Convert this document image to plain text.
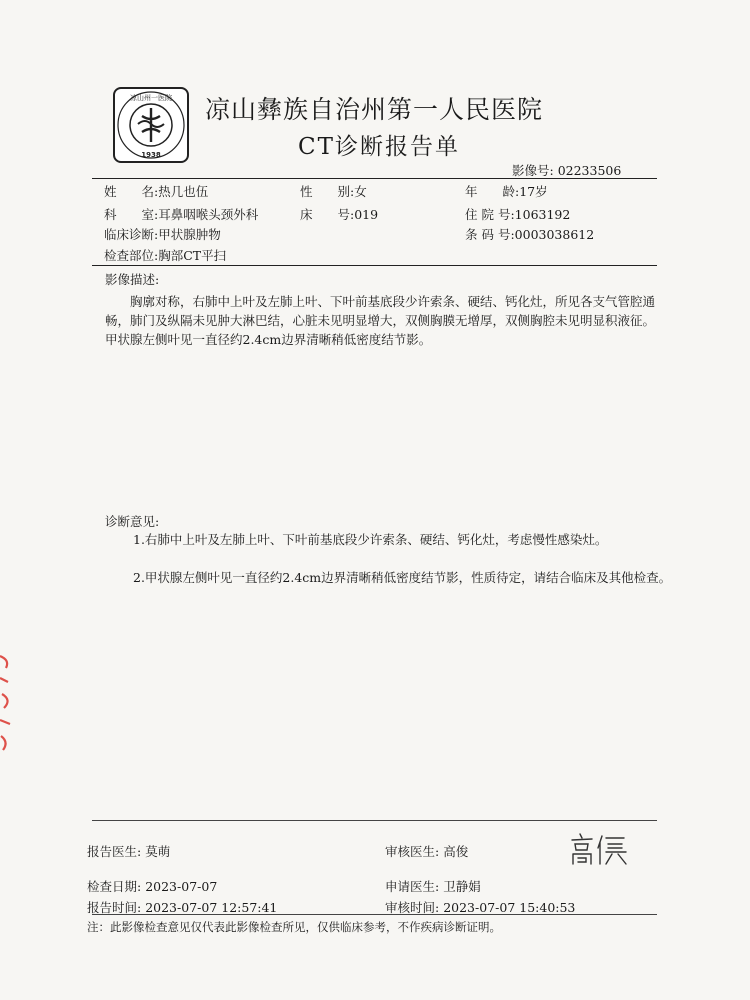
凉山州一医院
1938
凉山彝族自治州第一人民医院
CT诊断报告单
影像号: 02233506
姓　　名:热几也伍	性　　别:女	年　　龄:17岁
科　　室:耳鼻咽喉头颈外科	床　　号:019	住 院 号:1063192
临床诊断:甲状腺肿物	条 码 号:0003038612
检查部位:胸部CT平扫
影像描述:
胸廓对称，右肺中上叶及左肺上叶、下叶前基底段少许索条、硬结、钙化灶，所见各支气管腔通畅，肺门及纵隔未见肿大淋巴结，心脏未见明显增大，双侧胸膜无增厚，双侧胸腔未见明显积液征。甲状腺左侧叶见一直径约2.4cm边界清晰稍低密度结节影。
诊断意见:
1.右肺中上叶及左肺上叶、下叶前基底段少许索条、硬结、钙化灶，考虑慢性感染灶。
2.甲状腺左侧叶见一直径约2.4cm边界清晰稍低密度结节影，性质待定，请结合临床及其他检查。
报告医生: 莫萌	审核医生: 高俊
检查日期: 2023-07-07	申请医生: 卫静娟
报告时间: 2023-07-07 12:57:41	审核时间: 2023-07-07 15:40:53
注：此影像检查意见仅代表此影像检查所见，仅供临床参考，不作疾病诊断证明。
